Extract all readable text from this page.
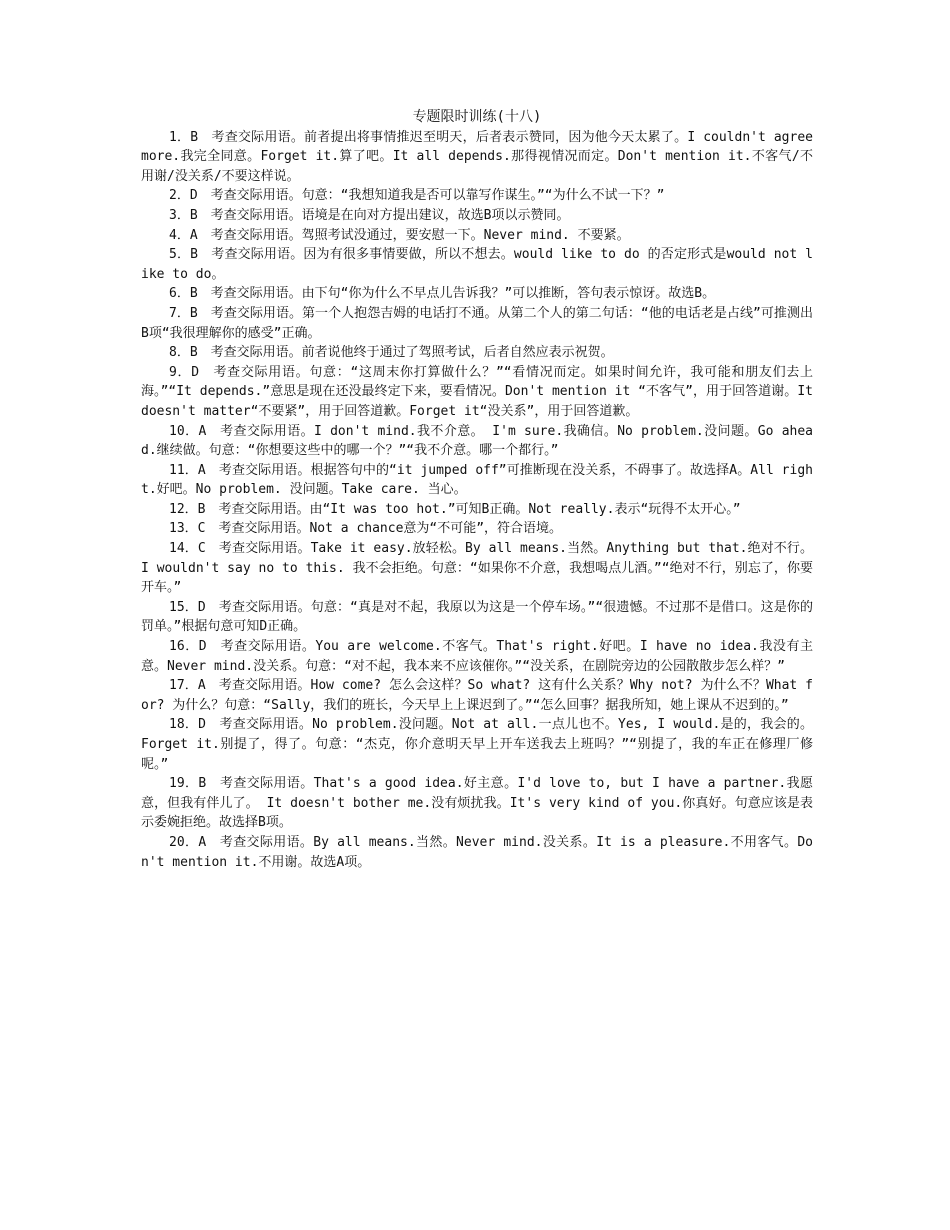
专题限时训练(十八)

1．B　考查交际用语。前者提出将事情推迟至明天，后者表示赞同，因为他今天太累了。I couldn't agree more.我完全同意。Forget it.算了吧。It all depends.那得视情况而定。Don't mention it.不客气/不用谢/没关系/不要这样说。

2．D　考查交际用语。句意：“我想知道我是否可以靠写作谋生。”“为什么不试一下？”

3．B　考查交际用语。语境是在向对方提出建议，故选B项以示赞同。

4．A　考查交际用语。驾照考试没通过，要安慰一下。Never mind. 不要紧。

5．B　考查交际用语。因为有很多事情要做，所以不想去。would like to do 的否定形式是would not like to do。

6．B　考查交际用语。由下句“你为什么不早点儿告诉我？”可以推断，答句表示惊讶。故选B。

7．B　考查交际用语。第一个人抱怨吉姆的电话打不通。从第二个人的第二句话：“他的电话老是占线”可推测出B项“我很理解你的感受”正确。

8．B　考查交际用语。前者说他终于通过了驾照考试，后者自然应表示祝贺。

9．D　考查交际用语。句意：“这周末你打算做什么？”“看情况而定。如果时间允许，我可能和朋友们去上海。”“It depends.”意思是现在还没最终定下来，要看情况。Don't mention it “不客气”，用于回答道谢。It doesn't matter“不要紧”，用于回答道歉。Forget it“没关系”，用于回答道歉。

10．A　考查交际用语。I don't mind.我不介意。 I'm sure.我确信。No problem.没问题。Go ahead.继续做。句意：“你想要这些中的哪一个？”“我不介意。哪一个都行。”

11．A　考查交际用语。根据答句中的“it jumped off”可推断现在没关系，不碍事了。故选择A。All right.好吧。No problem. 没问题。Take care. 当心。

12．B　考查交际用语。由“It was too hot.”可知B正确。Not really.表示“玩得不太开心。”

13．C　考查交际用语。Not a chance意为“不可能”，符合语境。

14．C　考查交际用语。Take it easy.放轻松。By all means.当然。Anything but that.绝对不行。I wouldn't say no to this. 我不会拒绝。句意：“如果你不介意，我想喝点儿酒。”“绝对不行，别忘了，你要开车。”

15．D　考查交际用语。句意：“真是对不起，我原以为这是一个停车场。”“很遗憾。不过那不是借口。这是你的罚单。”根据句意可知D正确。

16．D　考查交际用语。You are welcome.不客气。That's right.好吧。I have no idea.我没有主意。Never mind.没关系。句意：“对不起，我本来不应该催你。”“没关系，在剧院旁边的公园散散步怎么样？”

17．A　考查交际用语。How come? 怎么会这样？So what? 这有什么关系？Why not? 为什么不？What for? 为什么？句意：“Sally，我们的班长，今天早上上课迟到了。”“怎么回事？据我所知，她上课从不迟到的。”

18．D　考查交际用语。No problem.没问题。Not at all.一点儿也不。Yes, I would.是的，我会的。 Forget it.别提了，得了。句意：“杰克，你介意明天早上开车送我去上班吗？”“别提了，我的车正在修理厂修呢。”

19．B　考查交际用语。That's a good idea.好主意。I'd love to, but I have a partner.我愿意，但我有伴儿了。 It doesn't bother me.没有烦扰我。It's very kind of you.你真好。句意应该是表示委婉拒绝。故选择B项。

20．A　考查交际用语。By all means.当然。Never mind.没关系。It is a pleasure.不用客气。Don't mention it.不用谢。故选A项。
